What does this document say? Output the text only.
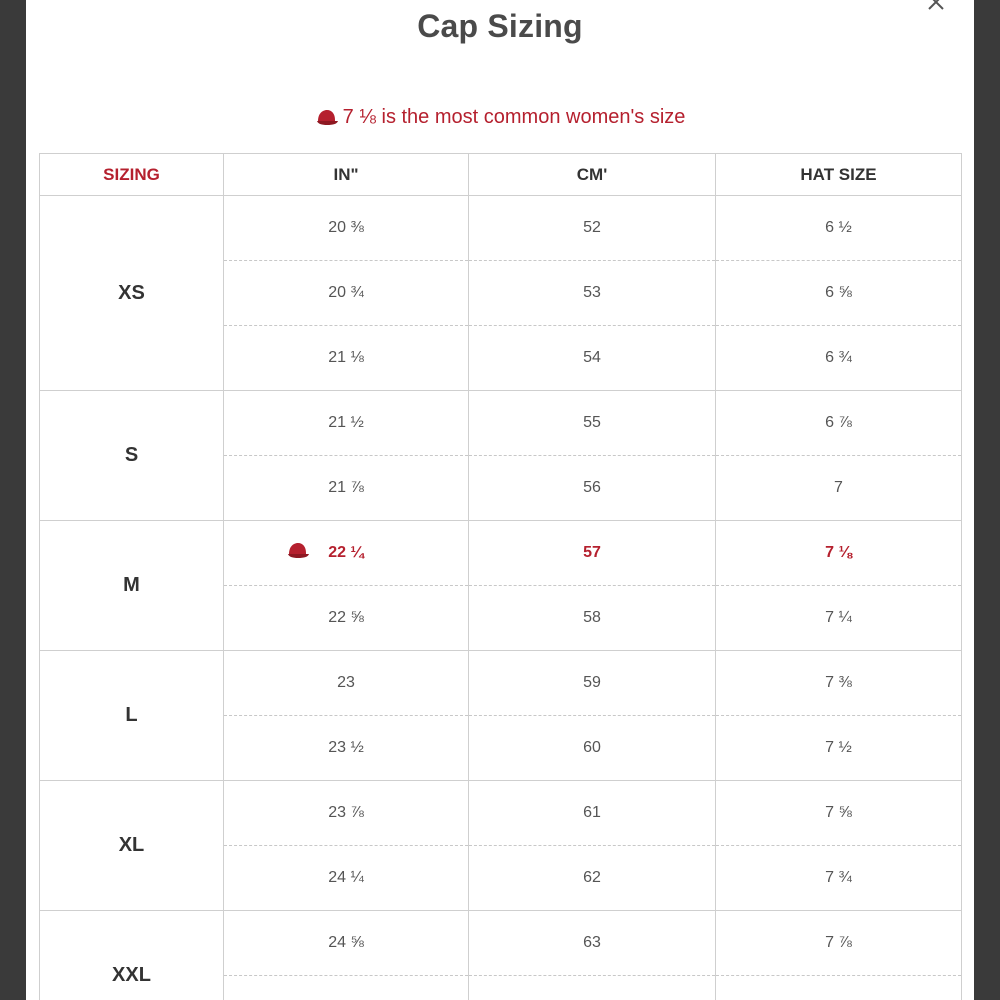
Cap Sizing
7 ⅛ is the most common women's size
SIZING	IN"	CM'	HAT SIZE
XS	20 ⅜	52	6 ½
	20 ¾	53	6 ⅝
	21 ⅛	54	6 ¾
S	21 ½	55	6 ⅞
	21 ⅞	56	7
M	22 ¼	57	7 ⅛
	22 ⅝	58	7 ¼
L	23	59	7 ⅜
	23 ½	60	7 ½
XL	23 ⅞	61	7 ⅝
	24 ¼	62	7 ¾
XXL	24 ⅝	63	7 ⅞
